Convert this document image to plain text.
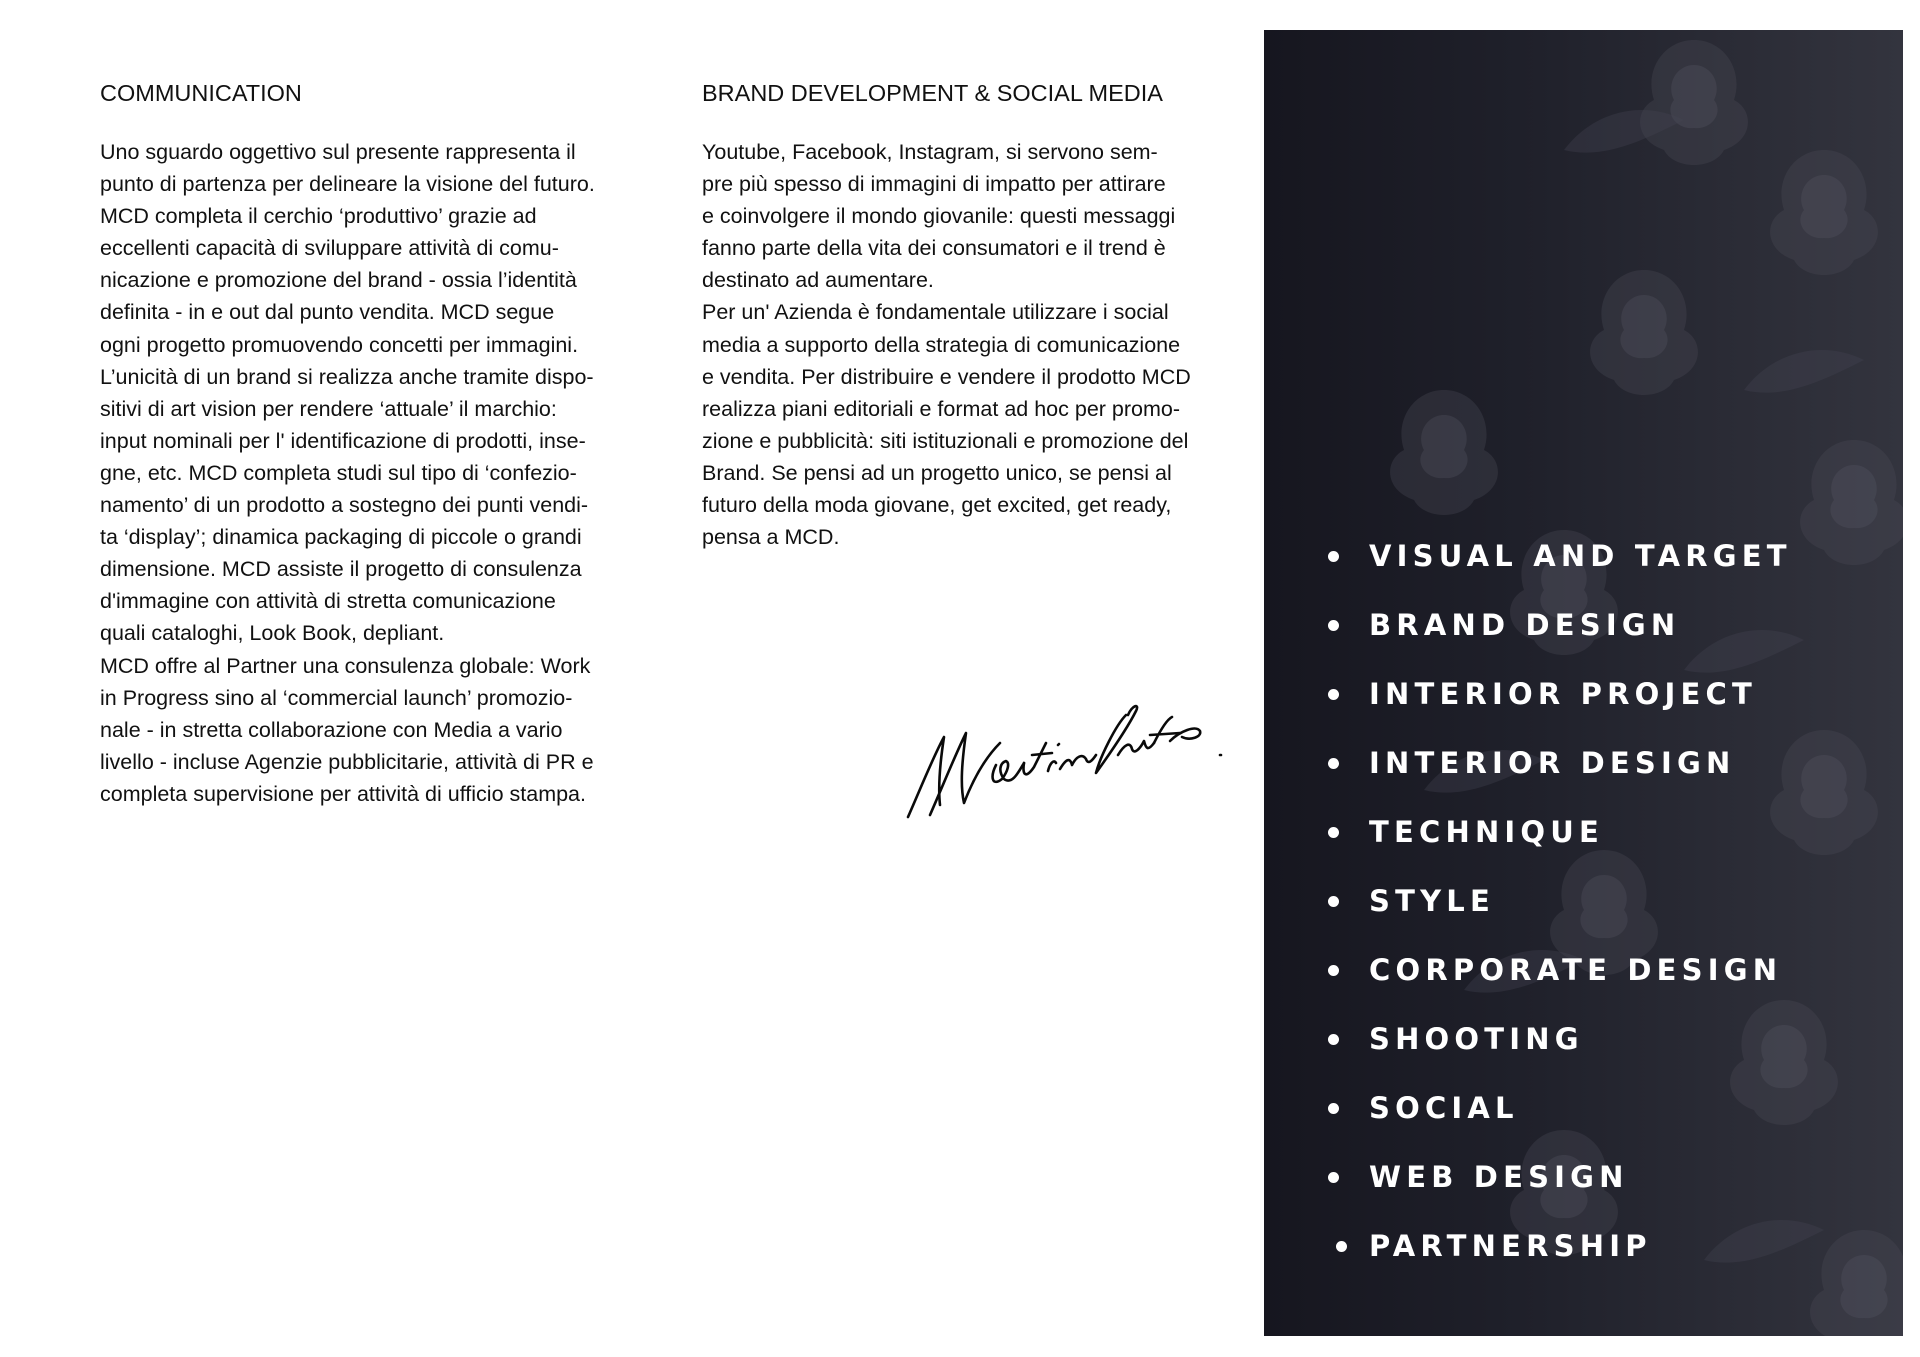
COMMUNICATION
Uno sguardo oggettivo sul presente rappresenta il
punto di partenza per delineare la visione del futuro.
MCD completa il cerchio ‘produttivo’ grazie ad
eccellenti capacità di sviluppare attività di comu-
nicazione e promozione del brand - ossia l’identità
definita - in e out dal punto vendita. MCD segue
ogni progetto promuovendo concetti per immagini.
L’unicità di un brand si realizza anche tramite dispo-
sitivi di art vision per rendere ‘attuale’ il marchio:
input nominali per l' identificazione di prodotti, inse-
gne, etc. MCD completa studi sul tipo di ‘confezio-
namento’ di un prodotto a sostegno dei punti vendi-
ta ‘display’; dinamica packaging di piccole o grandi
dimensione. MCD assiste il progetto di consulenza
d'immagine con attività di stretta comunicazione
quali cataloghi, Look Book, depliant.
MCD offre al Partner una consulenza globale: Work
in Progress sino al ‘commercial launch’ promozio-
nale - in stretta collaborazione con Media a vario
livello - incluse Agenzie pubblicitarie, attività di PR e
completa supervisione per attività di ufficio stampa.
BRAND DEVELOPMENT & SOCIAL MEDIA
Youtube, Facebook, Instagram, si servono sem-
pre più spesso di immagini di impatto per attirare
e coinvolgere il mondo giovanile: questi messaggi
fanno parte della vita dei consumatori e il trend è
destinato ad aumentare.
Per un' Azienda è fondamentale utilizzare i social
media a supporto della strategia di comunicazione
e vendita. Per distribuire e vendere il prodotto MCD
realizza piani editoriali e format ad hoc per promo-
zione e pubblicità: siti istituzionali e promozione del
Brand. Se pensi ad un progetto unico, se pensi al
futuro della moda giovane, get excited, get ready,
pensa a MCD.
VISUAL AND TARGET
BRAND DESIGN
INTERIOR PROJECT
INTERIOR DESIGN
TECHNIQUE
STYLE
CORPORATE DESIGN
SHOOTING
SOCIAL
WEB DESIGN
PARTNERSHIP
